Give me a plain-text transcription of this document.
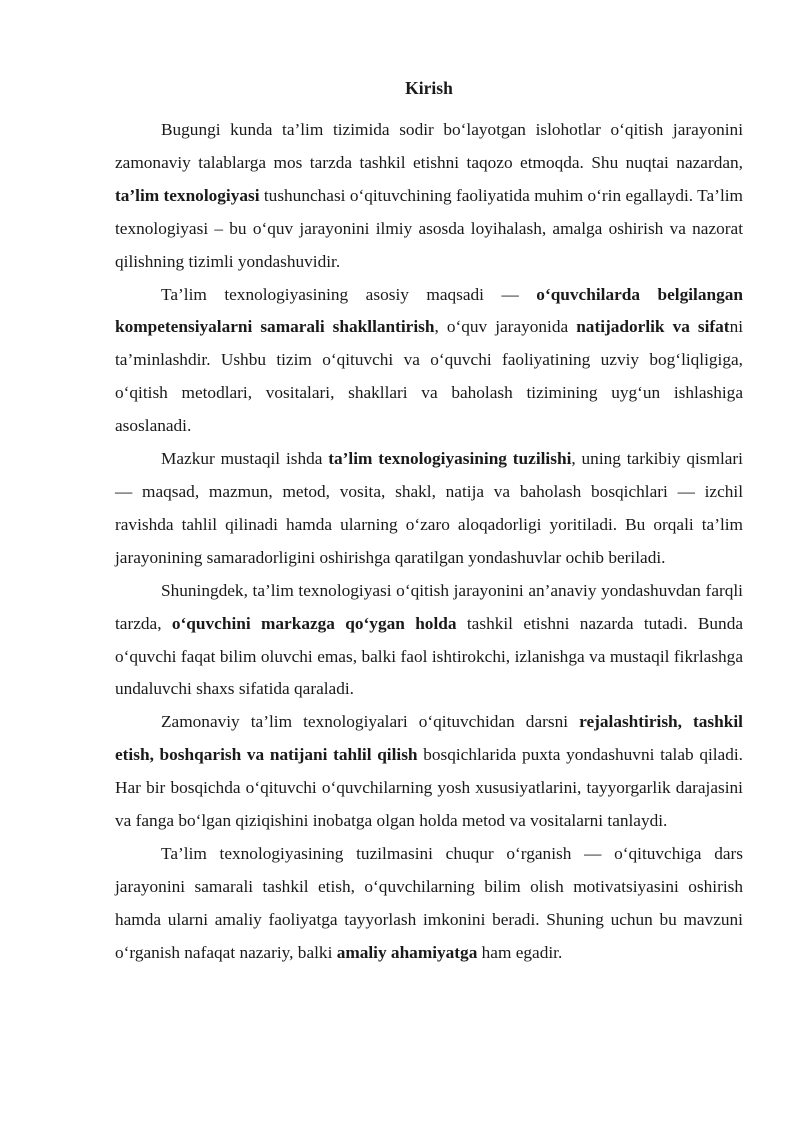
Kirish

Bugungi kunda ta’lim tizimida sodir bo‘layotgan islohotlar o‘qitish jarayonini zamonaviy talablarga mos tarzda tashkil etishni taqozo etmoqda. Shu nuqtai nazardan, ta’lim texnologiyasi tushunchasi o‘qituvchining faoliyatida muhim o‘rin egallaydi. Ta’lim texnologiyasi – bu o‘quv jarayonini ilmiy asosda loyihalash, amalga oshirish va nazorat qilishning tizimli yondashuvidir.

Ta’lim texnologiyasining asosiy maqsadi — o‘quvchilarda belgilangan kompetensiyalarni samarali shakllantirish, o‘quv jarayonida natijadorlik va sifatni ta’minlashdir. Ushbu tizim o‘qituvchi va o‘quvchi faoliyatining uzviy bog‘liqligiga, o‘qitish metodlari, vositalari, shakllari va baholash tizimining uyg‘un ishlashiga asoslanadi.

Mazkur mustaqil ishda ta’lim texnologiyasining tuzilishi, uning tarkibiy qismlari — maqsad, mazmun, metod, vosita, shakl, natija va baholash bosqichlari — izchil ravishda tahlil qilinadi hamda ularning o‘zaro aloqadorligi yoritiladi. Bu orqali ta’lim jarayonining samaradorligini oshirishga qaratilgan yondashuvlar ochib beriladi.

Shuningdek, ta’lim texnologiyasi o‘qitish jarayonini an’anaviy yondashuvdan farqli tarzda, o‘quvchini markazga qo‘ygan holda tashkil etishni nazarda tutadi. Bunda o‘quvchi faqat bilim oluvchi emas, balki faol ishtirokchi, izlanishga va mustaqil fikrlashga undaluvchi shaxs sifatida qaraladi.

Zamonaviy ta’lim texnologiyalari o‘qituvchidan darsni rejalashtirish, tashkil etish, boshqarish va natijani tahlil qilish bosqichlarida puxta yondashuvni talab qiladi. Har bir bosqichda o‘qituvchi o‘quvchilarning yosh xususiyatlarini, tayyorgarlik darajasini va fanga bo‘lgan qiziqishini inobatga olgan holda metod va vositalarni tanlaydi.

Ta’lim texnologiyasining tuzilmasini chuqur o‘rganish — o‘qituvchiga dars jarayonini samarali tashkil etish, o‘quvchilarning bilim olish motivatsiyasini oshirish hamda ularni amaliy faoliyatga tayyorlash imkonini beradi. Shuning uchun bu mavzuni o‘rganish nafaqat nazariy, balki amaliy ahamiyatga ham egadir.
